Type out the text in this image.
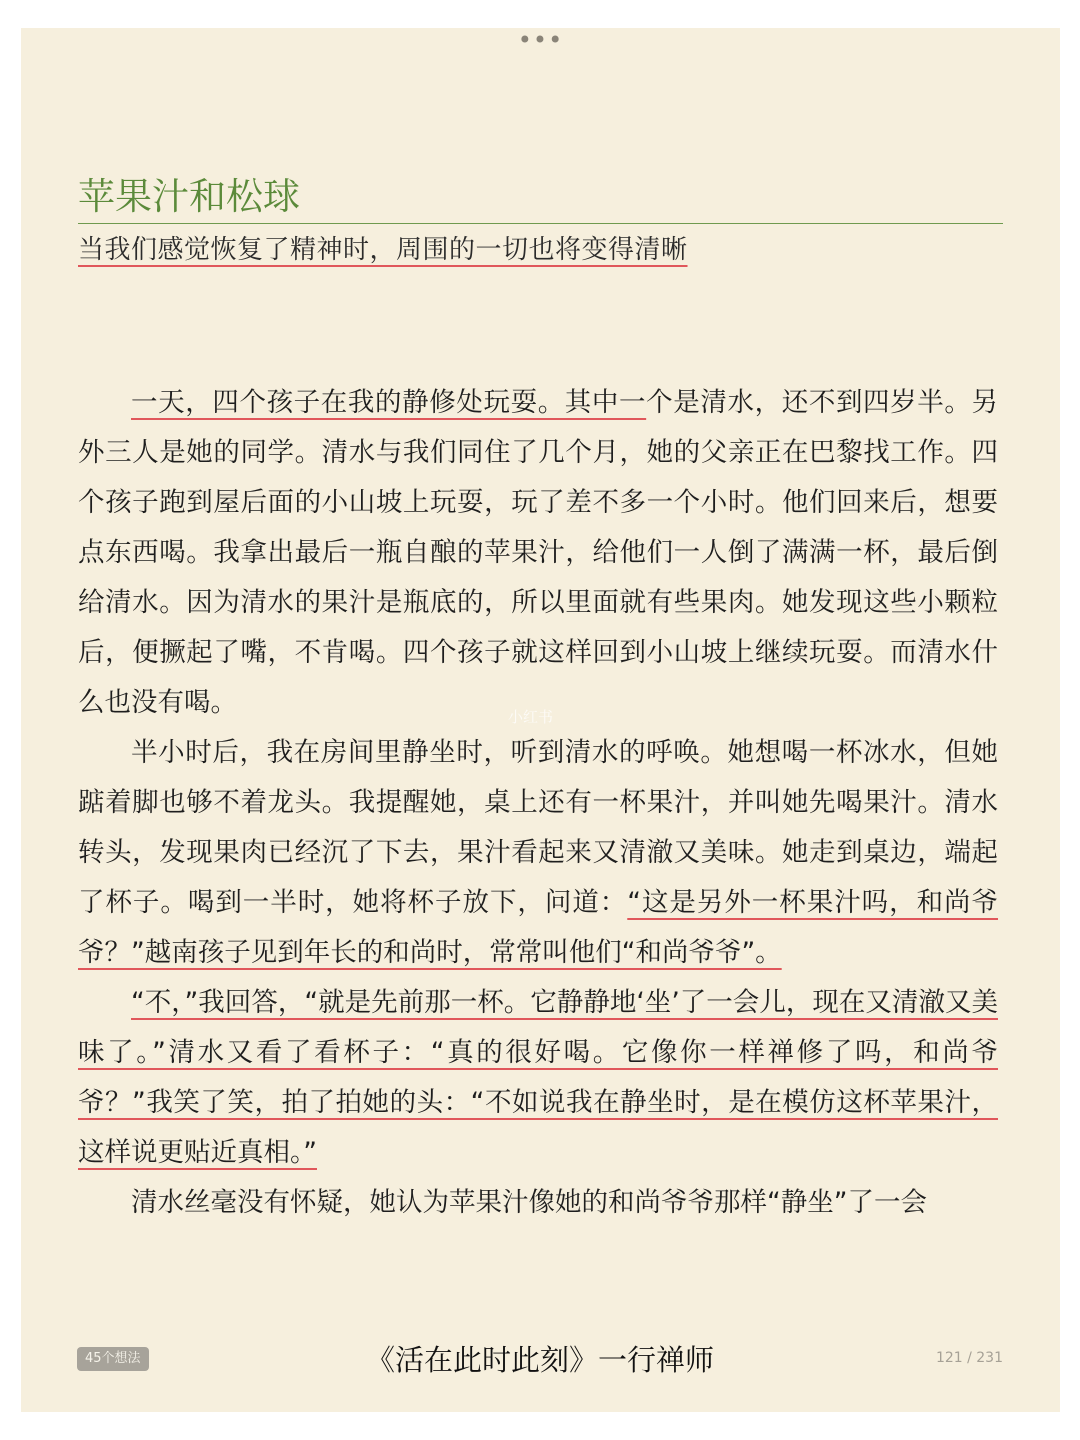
•••
苹果汁和松球

当我们感觉恢复了精神时，周围的一切也将变得清晰

一天，四个孩子在我的静修处玩耍。其中一个是清水，还不到四岁半。另外三人是她的同学。清水与我们同住了几个月，她的父亲正在巴黎找工作。四个孩子跑到屋后面的小山坡上玩耍，玩了差不多一个小时。他们回来后，想要点东西喝。我拿出最后一瓶自酿的苹果汁，给他们一人倒了满满一杯，最后倒给清水。因为清水的果汁是瓶底的，所以里面就有些果肉。她发现这些小颗粒后，便撅起了嘴，不肯喝。四个孩子就这样回到小山坡上继续玩耍。而清水什么也没有喝。

半小时后，我在房间里静坐时，听到清水的呼唤。她想喝一杯冰水，但她踮着脚也够不着龙头。我提醒她，桌上还有一杯果汁，并叫她先喝果汁。清水转头，发现果肉已经沉了下去，果汁看起来又清澈又美味。她走到桌边，端起了杯子。喝到一半时，她将杯子放下，问道：“这是另外一杯果汁吗，和尚爷爷？”越南孩子见到年长的和尚时，常常叫他们“和尚爷爷”。

“不，”我回答，“就是先前那一杯。它静静地‘坐’了一会儿，现在又清澈又美味了。”清水又看了看杯子：“真的很好喝。它像你一样禅修了吗，和尚爷爷？”我笑了笑，拍了拍她的头：“不如说我在静坐时，是在模仿这杯苹果汁，这样说更贴近真相。”

清水丝毫没有怀疑，她认为苹果汁像她的和尚爷爷那样“静坐”了一会

小红书
45个想法	121 / 231
《活在此时此刻》一行禅师
